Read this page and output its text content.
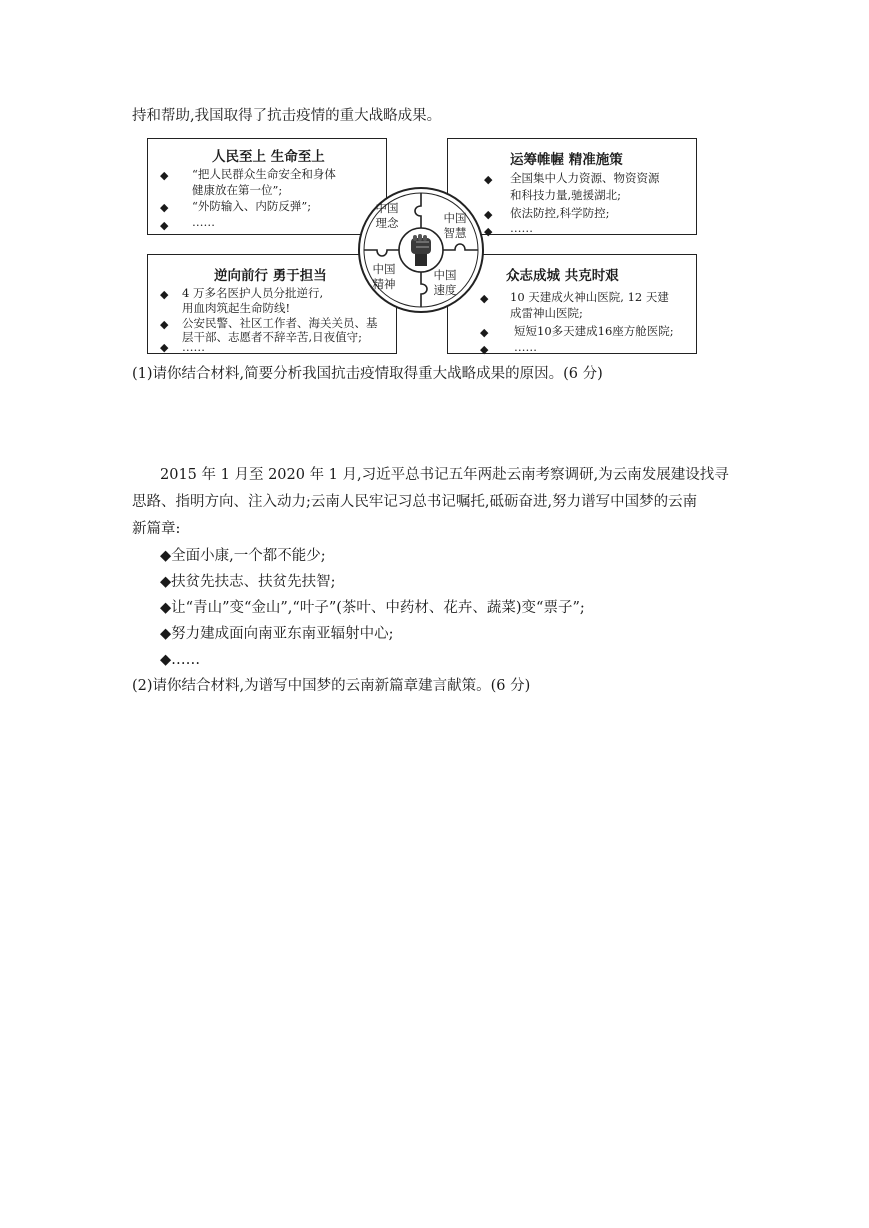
持和帮助,我国取得了抗击疫情的重大战略成果。
人民至上 生命至上
◆ “把人民群众生命安全和身体
健康放在第一位”;
◆ “外防输入、内防反弹”;
◆ ……
运筹帷幄 精准施策
◆ 全国集中人力资源、物资资源
和科技力量,驰援湖北;
◆ 依法防控,科学防控;
◆ ……
逆向前行 勇于担当
◆ 4 万多名医护人员分批逆行,
用血肉筑起生命防线!
◆ 公安民警、社区工作者、海关关员、基
层干部、志愿者不辞辛苦,日夜值守;
◆ ……
众志成城 共克时艰
◆ 10 天建成火神山医院, 12 天建
成雷神山医院;
◆ 短短10多天建成16座方舱医院;
◆ ……
中国
理念	中国
智慧
中国
精神
中国
速度
(1)请你结合材料,简要分析我国抗击疫情取得重大战略成果的原因。(6 分)
2015 年 1 月至 2020 年 1 月,习近平总书记五年两赴云南考察调研,为云南发展建设找寻
思路、指明方向、注入动力;云南人民牢记习总书记嘱托,砥砺奋进,努力谱写中国梦的云南
新篇章:
◆全面小康,一个都不能少;
◆扶贫先扶志、扶贫先扶智;
◆让“青山”变“金山”,“叶子”(茶叶、中药材、花卉、蔬菜)变“票子”;
◆努力建成面向南亚东南亚辐射中心;
◆……
(2)请你结合材料,为谱写中国梦的云南新篇章建言献策。(6 分)
